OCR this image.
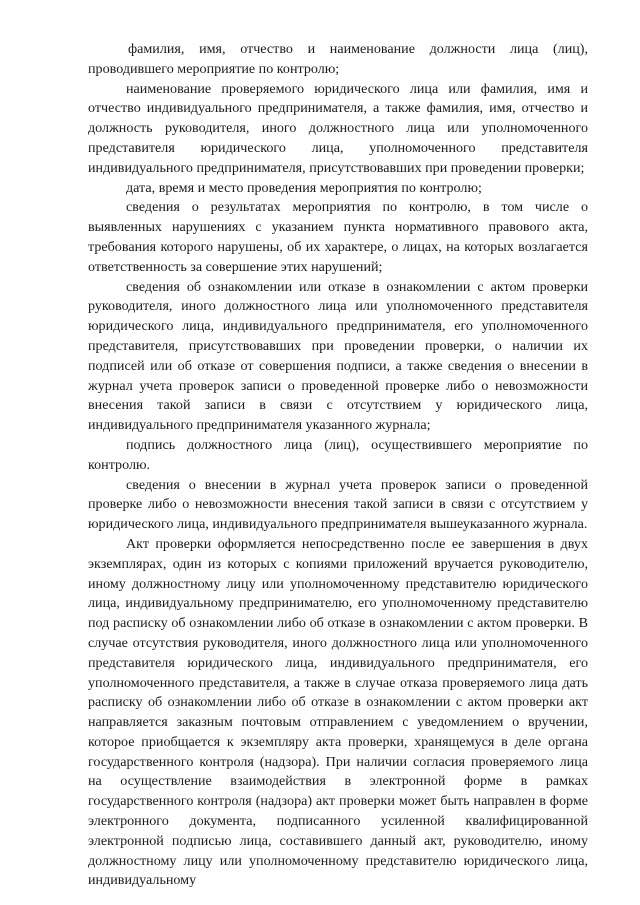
фамилия, имя, отчество и наименование должности лица (лиц), проводившего мероприятие по контролю;

наименование проверяемого юридического лица или фамилия, имя и отчество индивидуального предпринимателя, а также фамилия, имя, отчество и должность руководителя, иного должностного лица или уполномоченного представителя юридического лица, уполномоченного представителя индивидуального предпринимателя, присутствовавших при проведении проверки;

дата, время и место проведения мероприятия по контролю;

сведения о результатах мероприятия по контролю, в том числе о выявленных нарушениях с указанием пункта нормативного правового акта, требования которого нарушены, об их характере, о лицах, на которых возлагается ответственность за совершение этих нарушений;

сведения об ознакомлении или отказе в ознакомлении с актом проверки руководителя, иного должностного лица или уполномоченного представителя юридического лица, индивидуального предпринимателя, его уполномоченного представителя, присутствовавших при проведении проверки, о наличии их подписей или об отказе от совершения подписи, а также сведения о внесении в журнал учета проверок записи о проведенной проверке либо о невозможности внесения такой записи в связи с отсутствием у юридического лица, индивидуального предпринимателя указанного журнала;

подпись должностного лица (лиц), осуществившего мероприятие по контролю.

сведения о внесении в журнал учета проверок записи о проведенной проверке либо о невозможности внесения такой записи в связи с отсутствием у юридического лица, индивидуального предпринимателя вышеуказанного журнала.

Акт проверки оформляется непосредственно после ее завершения в двух экземплярах, один из которых с копиями приложений вручается руководителю, иному должностному лицу или уполномоченному представителю юридического лица, индивидуальному предпринимателю, его уполномоченному представителю под расписку об ознакомлении либо об отказе в ознакомлении с актом проверки. В случае отсутствия руководителя, иного должностного лица или уполномоченного представителя юридического лица, индивидуального предпринимателя, его уполномоченного представителя, а также в случае отказа проверяемого лица дать расписку об ознакомлении либо об отказе в ознакомлении с актом проверки акт направляется заказным почтовым отправлением с уведомлением о вручении, которое приобщается к экземпляру акта проверки, хранящемуся в деле органа государственного контроля (надзора). При наличии согласия проверяемого лица на осуществление взаимодействия в электронной форме в рамках государственного контроля (надзора) акт проверки может быть направлен в форме электронного документа, подписанного усиленной квалифицированной электронной подписью лица, составившего данный акт, руководителю, иному должностному лицу или уполномоченному представителю юридического лица, индивидуальному
